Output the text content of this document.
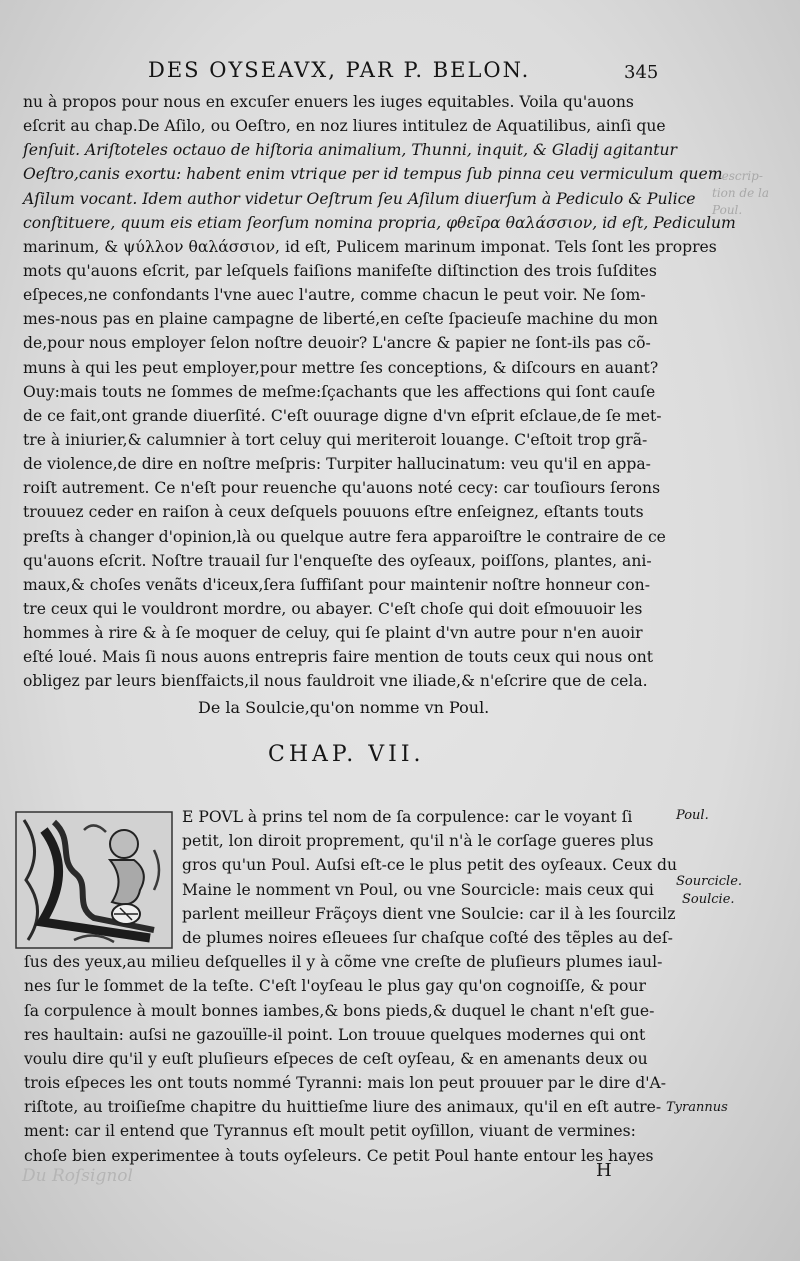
DES OYSEAVX, PAR P. BELON.	345
Descrip-
tion de la
Poul.
nu à propos pour nous en excuſer enuers les iuges equitables. Voila qu'auons
eſcrit au chap.De Aſilo, ou Oeſtro, en noz liures intitulez de Aquatilibus, ainſi que
ſenſuit. Ariſtoteles octauo de hiſtoria animalium, Thunni, inquit, & Gladij agitantur
Oeſtro,canis exortu: habent enim vtrique per id tempus ſub pinna ceu vermiculum quem
Aſilum vocant. Idem author videtur Oeſtrum ſeu Aſilum diuerſum à Pediculo & Pulice
conſtituere, quum eis etiam ſeorſum nomina propria, φθεῖρα θαλάσσιον, id eſt, Pediculum
marinum, & ψύλλον θαλάσσιον, id eſt, Pulicem marinum imponat. Tels ſont les propres
mots qu'auons eſcrit, par leſquels faiſions manifeſte diſtinction des trois ſuſdites
eſpeces,ne confondants l'vne auec l'autre, comme chacun le peut voir. Ne ſom-
mes-nous pas en plaine campagne de liberté,en ceſte ſpacieuſe machine du mon
de,pour nous employer ſelon noſtre deuoir? L'ancre & papier ne ſont-ils pas cõ-
muns à qui les peut employer,pour mettre ſes conceptions, & diſcours en auant?
Ouy:mais touts ne ſommes de meſme:ſçachants que les affections qui ſont cauſe
de ce fait,ont grande diuerſité. C'eſt ouurage digne d'vn eſprit eſclaue,de ſe met-
tre à iniurier,& calumnier à tort celuy qui meriteroit louange. C'eſtoit trop grã-
de violence,de dire en noſtre meſpris: Turpiter hallucinatum: veu qu'il en appa-
roiſt autrement. Ce n'eſt pour reuenche qu'auons noté cecy: car touſiours ſerons
trouuez ceder en raiſon à ceux deſquels pouuons eſtre enſeignez, eſtants touts
preſts à changer d'opinion,là ou quelque autre fera apparoiſtre le contraire de ce
qu'auons eſcrit. Noſtre trauail ſur l'enqueſte des oyſeaux, poiſſons, plantes, ani-
maux,& choſes venãts d'iceux,ſera ſuffiſant pour maintenir noſtre honneur con-
tre ceux qui le vouldront mordre, ou abayer. C'eſt choſe qui doit eſmouuoir les
hommes à rire & à ſe moquer de celuy, qui ſe plaint d'vn autre pour n'en auoir
eſté loué. Mais ſi nous auons entrepris faire mention de touts ceux qui nous ont
obligez par leurs bienſfaicts,il nous fauldroit vne iliade,& n'eſcrire que de cela.
De la Soulcie,qu'on nomme vn Poul.
CHAP. VII.
E POVL à prins tel nom de ſa corpulence: car le voyant ſi
petit, lon diroit proprement, qu'il n'à le corſage gueres plus
gros qu'un Poul. Auſsi eſt-ce le plus petit des oyſeaux. Ceux du
Maine le nomment vn Poul, ou vne Sourcicle: mais ceux qui
parlent meilleur Frãçoys dient vne Soulcie: car il à les ſourcilz
de plumes noires eſleuees ſur chaſque coſté des tẽples au deſ-
ſus des yeux,au milieu deſquelles il y à cõme vne creſte de pluſieurs plumes iaul-
nes ſur le ſommet de la teſte. C'eſt l'oyſeau le plus gay qu'on cognoiſſe, & pour
ſa corpulence à moult bonnes iambes,& bons pieds,& duquel le chant n'eſt gue-
res haultain: auſsi ne gazouïlle-il point. Lon trouue quelques modernes qui ont
voulu dire qu'il y euſt pluſieurs eſpeces de ceſt oyſeau, & en amenants deux ou
trois eſpeces les ont touts nommé Tyranni: mais lon peut prouuer par le dire d'A-
riſtote, au troiſieſme chapitre du huittieſme liure des animaux, qu'il en eſt autre-
ment: car il entend que Tyrannus eſt moult petit oyſillon, viuant de vermines:
choſe bien experimentee à touts oyſeleurs. Ce petit Poul hante entour les hayes
Poul.
Sourcicle.
Soulcie.
Tyrannus
Du Roſsignol	H
